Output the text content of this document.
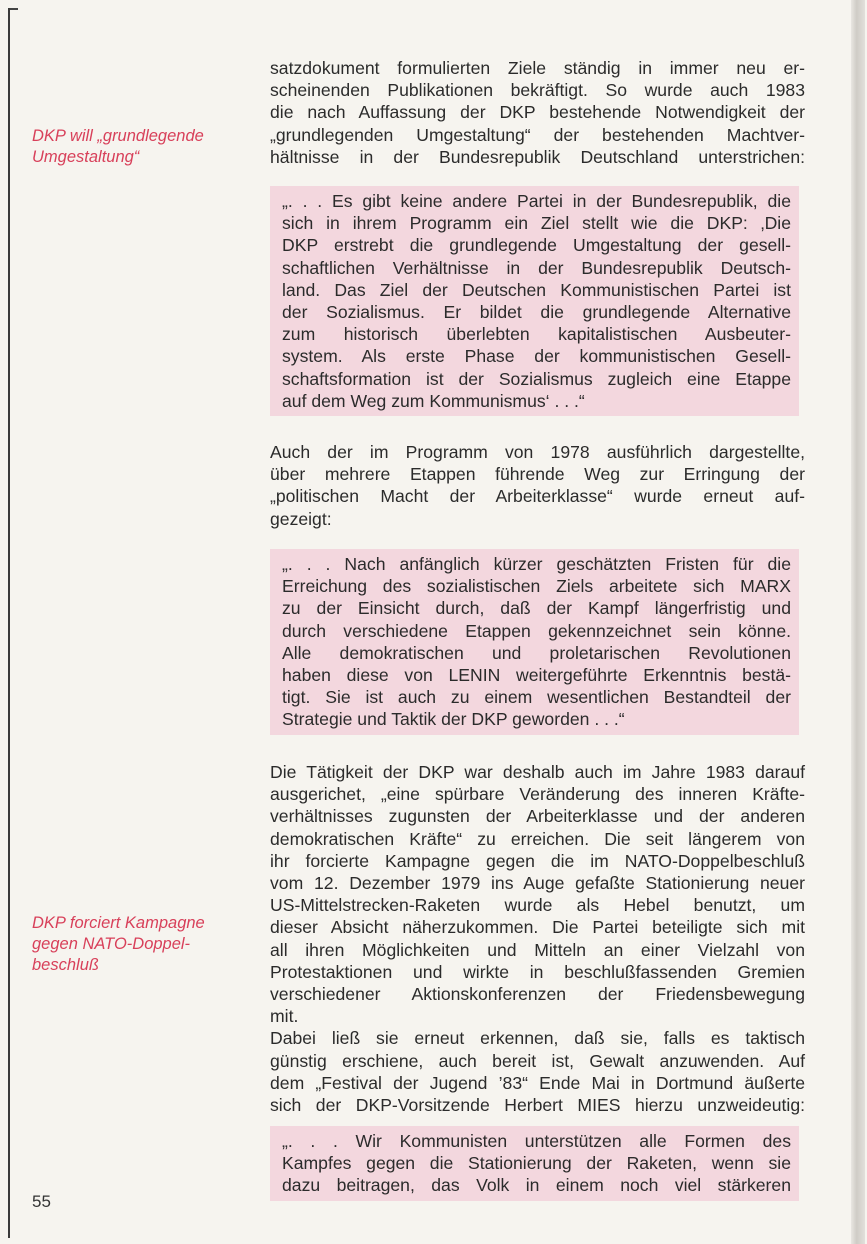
DKP will „grundlegende
Umgestaltung“
DKP forciert Kampagne
gegen NATO-Doppel-
beschluß
55
satzdokument formulierten Ziele ständig in immer neu er-
scheinenden Publikationen bekräftigt. So wurde auch 1983
die nach Auffassung der DKP bestehende Notwendigkeit der
„grundlegenden Umgestaltung“ der bestehenden Machtver-
hältnisse in der Bundesrepublik Deutschland unterstrichen:
„. . . Es gibt keine andere Partei in der Bundesrepublik, die
sich in ihrem Programm ein Ziel stellt wie die DKP: ‚Die
DKP erstrebt die grundlegende Umgestaltung der gesell-
schaftlichen Verhältnisse in der Bundesrepublik Deutsch-
land. Das Ziel der Deutschen Kommunistischen Partei ist
der Sozialismus. Er bildet die grundlegende Alternative
zum historisch überlebten kapitalistischen Ausbeuter-
system. Als erste Phase der kommunistischen Gesell-
schaftsformation ist der Sozialismus zugleich eine Etappe
auf dem Weg zum Kommunismus‘ . . .“
Auch der im Programm von 1978 ausführlich dargestellte,
über mehrere Etappen führende Weg zur Erringung der
„politischen Macht der Arbeiterklasse“ wurde erneut auf-
gezeigt:
„. . . Nach anfänglich kürzer geschätzten Fristen für die
Erreichung des sozialistischen Ziels arbeitete sich MARX
zu der Einsicht durch, daß der Kampf längerfristig und
durch verschiedene Etappen gekennzeichnet sein könne.
Alle demokratischen und proletarischen Revolutionen
haben diese von LENIN weitergeführte Erkenntnis bestä-
tigt. Sie ist auch zu einem wesentlichen Bestandteil der
Strategie und Taktik der DKP geworden . . .“
Die Tätigkeit der DKP war deshalb auch im Jahre 1983 darauf
ausgerichet, „eine spürbare Veränderung des inneren Kräfte-
verhältnisses zugunsten der Arbeiterklasse und der anderen
demokratischen Kräfte“ zu erreichen. Die seit längerem von
ihr forcierte Kampagne gegen die im NATO-Doppelbeschluß
vom 12. Dezember 1979 ins Auge gefaßte Stationierung neuer
US-Mittelstrecken-Raketen wurde als Hebel benutzt, um
dieser Absicht näherzukommen. Die Partei beteiligte sich mit
all ihren Möglichkeiten und Mitteln an einer Vielzahl von
Protestaktionen und wirkte in beschlußfassenden Gremien
verschiedener Aktionskonferenzen der Friedensbewegung
mit.
Dabei ließ sie erneut erkennen, daß sie, falls es taktisch
günstig erschiene, auch bereit ist, Gewalt anzuwenden. Auf
dem „Festival der Jugend ’83“ Ende Mai in Dortmund äußerte
sich der DKP-Vorsitzende Herbert MIES hierzu unzweideutig:
„. . . Wir Kommunisten unterstützen alle Formen des
Kampfes gegen die Stationierung der Raketen, wenn sie
dazu beitragen, das Volk in einem noch viel stärkeren
